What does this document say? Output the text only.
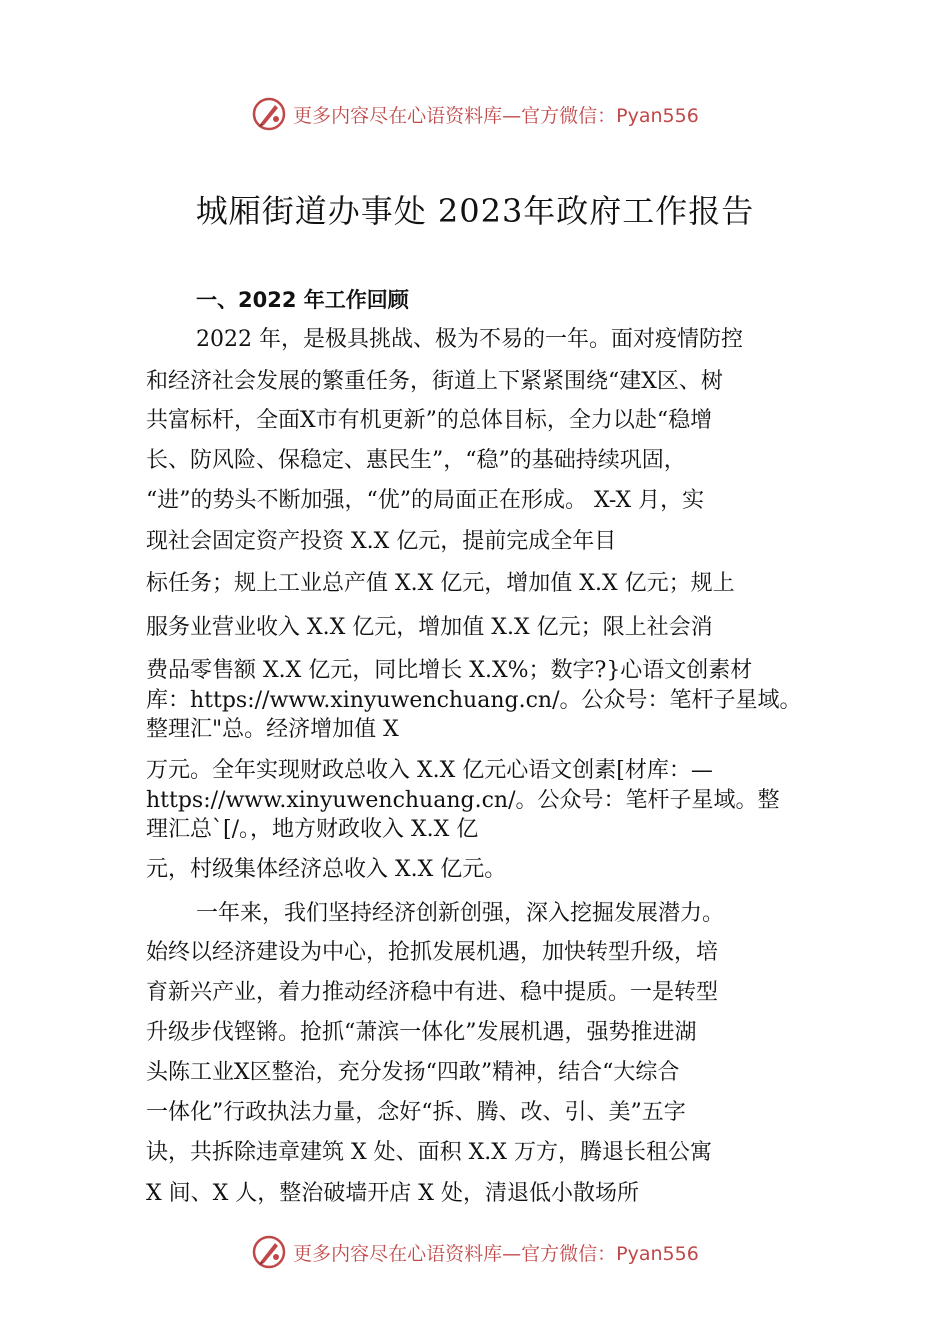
更多内容尽在心语资料库—官方微信：Pyan556
城厢街道办事处 2023年政府工作报告
一、2022 年工作回顾
2022 年，是极具挑战、极为不易的一年。面对疫情防控
和经济社会发展的繁重任务，街道上下紧紧围绕“建X区、树
共富标杆，全面X市有机更新”的总体目标，全力以赴“稳增
长、防风险、保稳定、惠民生”，“稳”的基础持续巩固，
“进”的势头不断加强，“优”的局面正在形成。 X-X 月，实
现社会固定资产投资 X.X 亿元，提前完成全年目
标任务；规上工业总产值 X.X 亿元，增加值 X.X 亿元；规上
服务业营业收入 X.X 亿元，增加值 X.X 亿元；限上社会消
费品零售额 X.X 亿元，同比增长 X.X%；数字?}心语文创素材
库：https://www.xinyuwenchuang.cn/。公众号：笔杆子星域。
整理汇"总。经济增加值 X
万元。全年实现财政总收入 X.X 亿元心语文创素[材库：—
https://www.xinyuwenchuang.cn/。公众号：笔杆子星域。整
理汇总`[/。，地方财政收入 X.X 亿
元，村级集体经济总收入 X.X 亿元。
一年来，我们坚持经济创新创强，深入挖掘发展潜力。
始终以经济建设为中心，抢抓发展机遇，加快转型升级，培
育新兴产业，着力推动经济稳中有进、稳中提质。一是转型
升级步伐铿锵。抢抓“萧滨一体化”发展机遇，强势推进湖
头陈工业X区整治，充分发扬“四敢”精神，结合“大综合
一体化”行政执法力量，念好“拆、腾、改、引、美”五字
诀，共拆除违章建筑 X 处、面积 X.X 万方，腾退长租公寓
X 间、X 人，整治破墙开店 X 处，清退低小散场所
更多内容尽在心语资料库—官方微信：Pyan556
